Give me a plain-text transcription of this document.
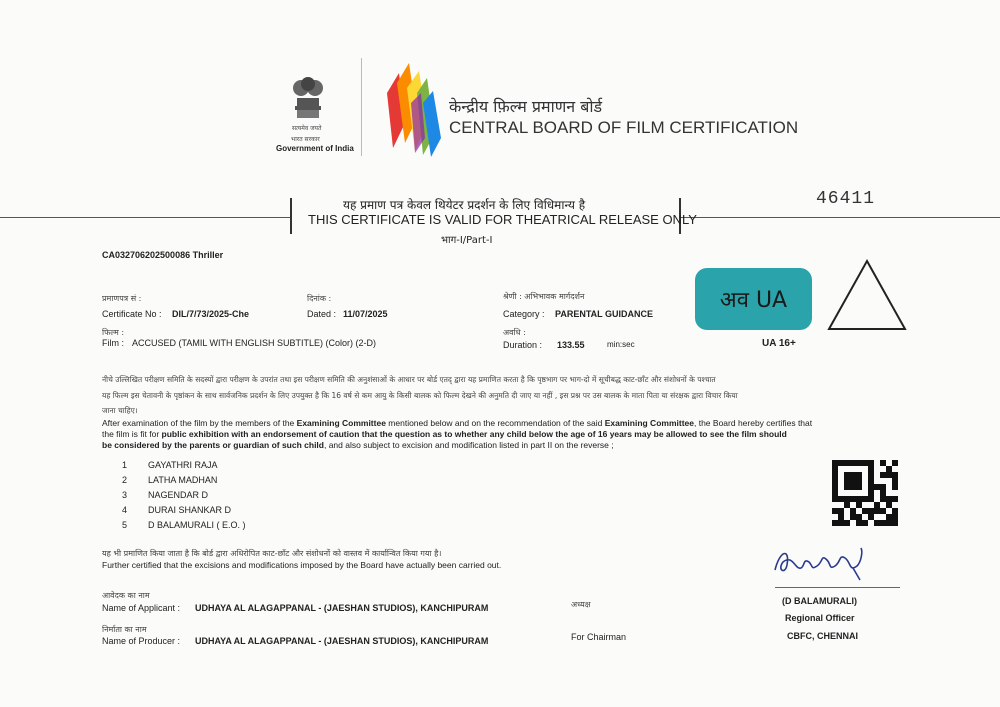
सत्यमेव जयते
भारत सरकार
Government of India
केन्द्रीय फ़िल्म प्रमाणन बोर्ड
CENTRAL BOARD OF FILM CERTIFICATION
यह प्रमाण पत्र केवल थियेटर प्रदर्शन के लिए विधिमान्य है
THIS CERTIFICATE IS VALID FOR THEATRICAL RELEASE ONLY
भाग-I/Part-I
46411
CA032706202500086 Thriller
प्रमाणपत्र सं :
Certificate No : DIL/7/73/2025-Che
दिनांक :
Dated : 11/07/2025
श्रेणी : अभिभावक मार्गदर्शन
Category : PARENTAL GUIDANCE
फिल्म :
Film : ACCUSED (TAMIL WITH ENGLISH SUBTITLE) (Color) (2-D)
अवधि :
Duration : 133.55	min:sec
अव UA
UA 16+
नीचे उल्लिखित परीक्षण समिति के सदस्यों द्वारा परीक्षण के उपरांत तथा इस परीक्षण समिति की अनुशंसाओं के आधार पर बोर्ड एतद् द्वारा यह प्रमाणित करता है कि पृष्ठभाग पर भाग-दो में सूचीबद्ध काट-छाँट और संशोधनों के पश्चात
यह फिल्म इस चेतावनी के पृष्ठांकन के साथ सार्वजनिक प्रदर्शन के लिए उपयुक्त है कि 16 वर्ष से कम आयु के किसी बालक को फिल्म देखने की अनुमति दी जाए या नहीं , इस प्रश्न पर उस बालक के माता पिता या संरक्षक द्वारा विचार किया
जाना चाहिए।
After examination of the film by the members of the Examining Committee mentioned below and on the recommendation of the said Examining Committee, the Board hereby certifies that
the film is fit for public exhibition with an endorsement of caution that the question as to whether any child below the age of 16 years may be allowed to see the film should
be considered by the parents or guardian of such child, and also subject to excision and modification listed in part II on the reverse ;
1 GAYATHRI RAJA
2 LATHA MADHAN
3 NAGENDAR D
4 DURAI SHANKAR D
5 D BALAMURALI ( E.O. )
यह भी प्रमाणित किया जाता है कि बोर्ड द्वारा अधिरोपित काट-छाँट और संशोधनों को वास्तव में कार्यान्वित किया गया है।
Further certified that the excisions and modifications imposed by the Board have actually been carried out.
आवेदक का नाम
Name of Applicant : UDHAYA AL ALAGAPPANAL - (JAESHAN STUDIOS), KANCHIPURAM
निर्माता का नाम
Name of Producer : UDHAYA AL ALAGAPPANAL - (JAESHAN STUDIOS), KANCHIPURAM
अध्यक्ष
For Chairman
(D BALAMURALI)
Regional Officer
CBFC, CHENNAI
